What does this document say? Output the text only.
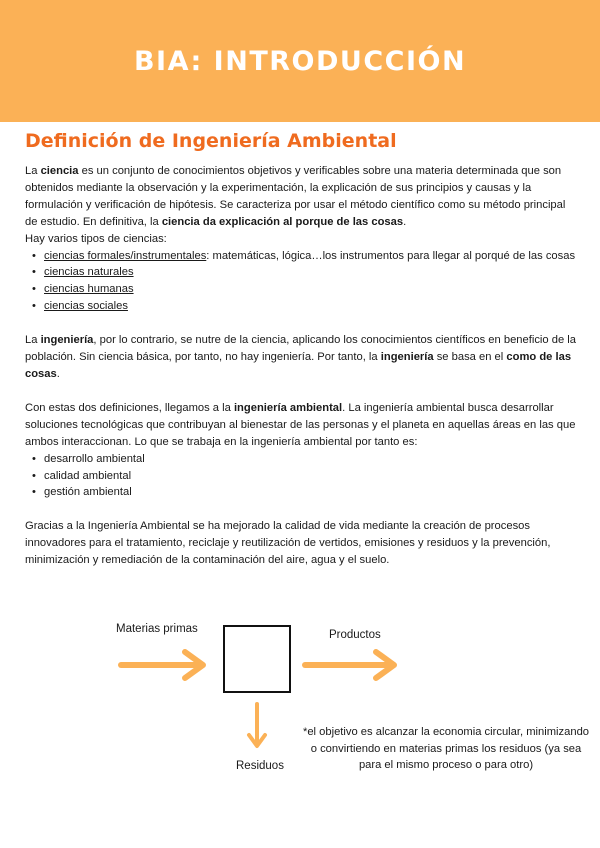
BIA: INTRODUCCIÓN
Definición de Ingeniería Ambiental

La ciencia es un conjunto de conocimientos objetivos y verificables sobre una materia determinada que son obtenidos mediante la observación y la experimentación, la explicación de sus principios y causas y la formulación y verificación de hipótesis. Se caracteriza por usar el método científico como su método principal de estudio. En definitiva, la ciencia da explicación al porque de las cosas.

Hay varios tipos de ciencias:

• ciencias formales/instrumentales: matemáticas, lógica…los instrumentos para llegar al porqué de las cosas
• ciencias naturales
• ciencias humanas
• ciencias sociales

La ingeniería, por lo contrario, se nutre de la ciencia, aplicando los conocimientos científicos en beneficio de la población. Sin ciencia básica, por tanto, no hay ingeniería. Por tanto, la ingeniería se basa en el como de las cosas.

Con estas dos definiciones, llegamos a la ingeniería ambiental. La ingeniería ambiental busca desarrollar soluciones tecnológicas que contribuyan al bienestar de las personas y el planeta en aquellas áreas en las que ambos interaccionan. Lo que se trabaja en la ingeniería ambiental por tanto es:

• desarrollo ambiental
• calidad ambiental
• gestión ambiental

Gracias a la Ingeniería Ambiental se ha mejorado la calidad de vida mediante la creación de procesos innovadores para el tratamiento, reciclaje y reutilización de vertidos, emisiones y residuos y la prevención, minimización y remediación de la contaminación del aire, agua y el suelo.

Materias primas	Productos
Residuos
*el objetivo es alcanzar la economia circular, minimizando o convirtiendo en materias primas los residuos (ya sea para el mismo proceso o para otro)
